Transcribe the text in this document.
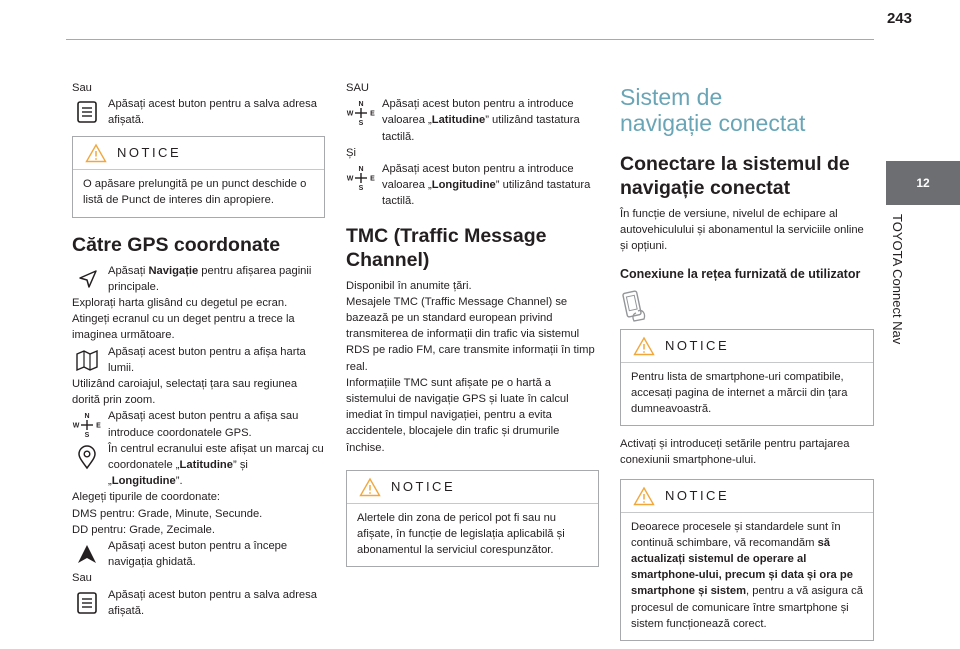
243
12
TOYOTA Connect Nav

Sau

Apăsați acest buton pentru a salva adresa afișată.
NOTICE
O apăsare prelungită pe un punct deschide o listă de Punct de interes din apropiere.
Către GPS coordonate
Apăsați Navigație pentru afișarea paginii principale.

Explorați harta glisând cu degetul pe ecran.

Atingeți ecranul cu un deget pentru a trece la imaginea următoare.

Apăsați acest buton pentru a afișa harta lumii.

Utilizând caroiajul, selectați țara sau regiunea dorită prin zoom.

N
S
W E
Apăsați acest buton pentru a afișa sau introduce coordonatele GPS.
În centrul ecranului este afișat un marcaj cu coordonatele „Latitudine” și „Longitudine”.

Alegeți tipurile de coordonate:

DMS pentru: Grade, Minute, Secunde.

DD pentru: Grade, Zecimale.

Apăsați acest buton pentru a începe navigația ghidată.

Sau

Apăsați acest buton pentru a salva adresa afișată.

SAU

N
S
W E
Apăsați acest buton pentru a introduce valoarea „Latitudine” utilizând tastatura tactilă.

Și

N
S
W E
Apăsați acest buton pentru a introduce valoarea „Longitudine” utilizând tastatura tactilă.
TMC (Traffic Message Channel)

Disponibil în anumite țări.

Mesajele TMC (Traffic Message Channel) se bazează pe un standard european privind transmiterea de informații din trafic via sistemul RDS pe radio FM, care transmite informații în timp real.

Informațiile TMC sunt afișate pe o hartă a sistemului de navigație GPS și luate în calcul imediat în timpul navigației, pentru a evita accidentele, blocajele din trafic și drumurile închise.

NOTICE
Alertele din zona de pericol pot fi sau nu afișate, în funcție de legislația aplicabilă și abonamentul la serviciul corespunzător.

Sistem de navigație conectat

Conectare la sistemul de navigație conectat

În funcție de versiune, nivelul de echipare al autovehiculului și abonamentul la serviciile online și opțiuni.

Conexiune la rețea furnizată de utilizator
NOTICE
Pentru lista de smartphone-uri compatibile, accesați pagina de internet a mărcii din țara dumneavoastră.

Activați și introduceți setările pentru partajarea conexiunii smartphone-ului.

NOTICE
Deoarece procesele și standardele sunt în continuă schimbare, vă recomandăm să actualizați sistemul de operare al smartphone-ului, precum și data și ora pe smartphone și sistem, pentru a vă asigura că procesul de comunicare între smartphone și sistem funcționează corect.
